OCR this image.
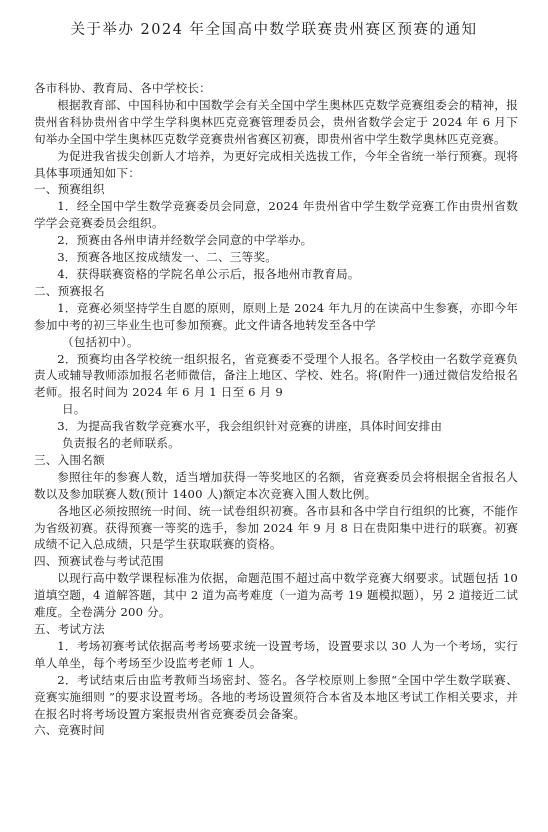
关于举办 2024 年全国高中数学联赛贵州赛区预赛的通知

各市科协、教育局、各中学校长：

根据教育部、中国科协和中国数学会有关全国中学生奥林匹克数学竞赛组委会的精神，报贵州省科协贵州省中学生学科奥林匹克竞赛管理委员会，贵州省数学会定于 2024 年 6 月下旬举办全国中学生奥林匹克数学竞赛贵州省赛区初赛，即贵州省中学生数学奥林匹克竞赛。

为促进我省拔尖创新人才培养，为更好完成相关选拔工作，今年全省统一举行预赛。现将具体事项通知如下：

一、预赛组织

1．经全国中学生数学竞赛委员会同意，2024 年贵州省中学生数学竞赛工作由贵州省数学学会竞赛委员会组织。

2．预赛由各州申请并经数学会同意的中学举办。

3．预赛各地区按成绩发一、二、三等奖。

4．获得联赛资格的学院名单公示后，报各地州市教育局。

二、预赛报名

1．竞赛必须坚持学生自愿的原则，原则上是 2024 年九月的在读高中生参赛，亦即今年参加中考的初三毕业生也可参加预赛。此文件请各地转发至各中学

（包括初中）。

2．预赛均由各学校统一组织报名，省竞赛委不受理个人报名。各学校由一名数学竞赛负责人或辅导教师添加报名老师微信，备注上地区、学校、姓名。将(附件一)通过微信发给报名老师。报名时间为 2024 年 6 月 1 日至 6 月 9

日。

3．为提高我省数学竞赛水平，我会组织针对竞赛的讲座，具体时间安排由

负责报名的老师联系。

三、入围名额

参照往年的参赛人数，适当增加获得一等奖地区的名额，省竞赛委员会将根据全省报名人数以及参加联赛人数(预计 1400 人)额定本次竞赛入围人数比例。

各地区必须按照统一时间、统一试卷组织初赛。各市县和各中学自行组织的比赛，不能作为省级初赛。获得预赛一等奖的选手，参加 2024 年 9 月 8 日在贵阳集中进行的联赛。初赛成绩不记入总成绩，只是学生获取联赛的资格。

四、预赛试卷与考试范围

以现行高中数学课程标准为依据，命题范围不超过高中数学竞赛大纲要求。试题包括 10 道填空题，4 道解答题，其中 2 道为高考难度（一道为高考 19 题模拟题），另 2 道接近二试难度。全卷满分 200 分。

五、考试方法

1．考场初赛考试依据高考考场要求统一设置考场，设置要求以 30 人为一个考场，实行单人单坐，每个考场至少设监考老师 1 人。

2．考试结束后由监考教师当场密封、签名。各学校原则上参照“全国中学生数学联赛、竞赛实施细则 ”的要求设置考场。各地的考场设置须符合本省及本地区考试工作相关要求，并在报名时将考场设置方案报贵州省竞赛委员会备案。

六、竞赛时间
